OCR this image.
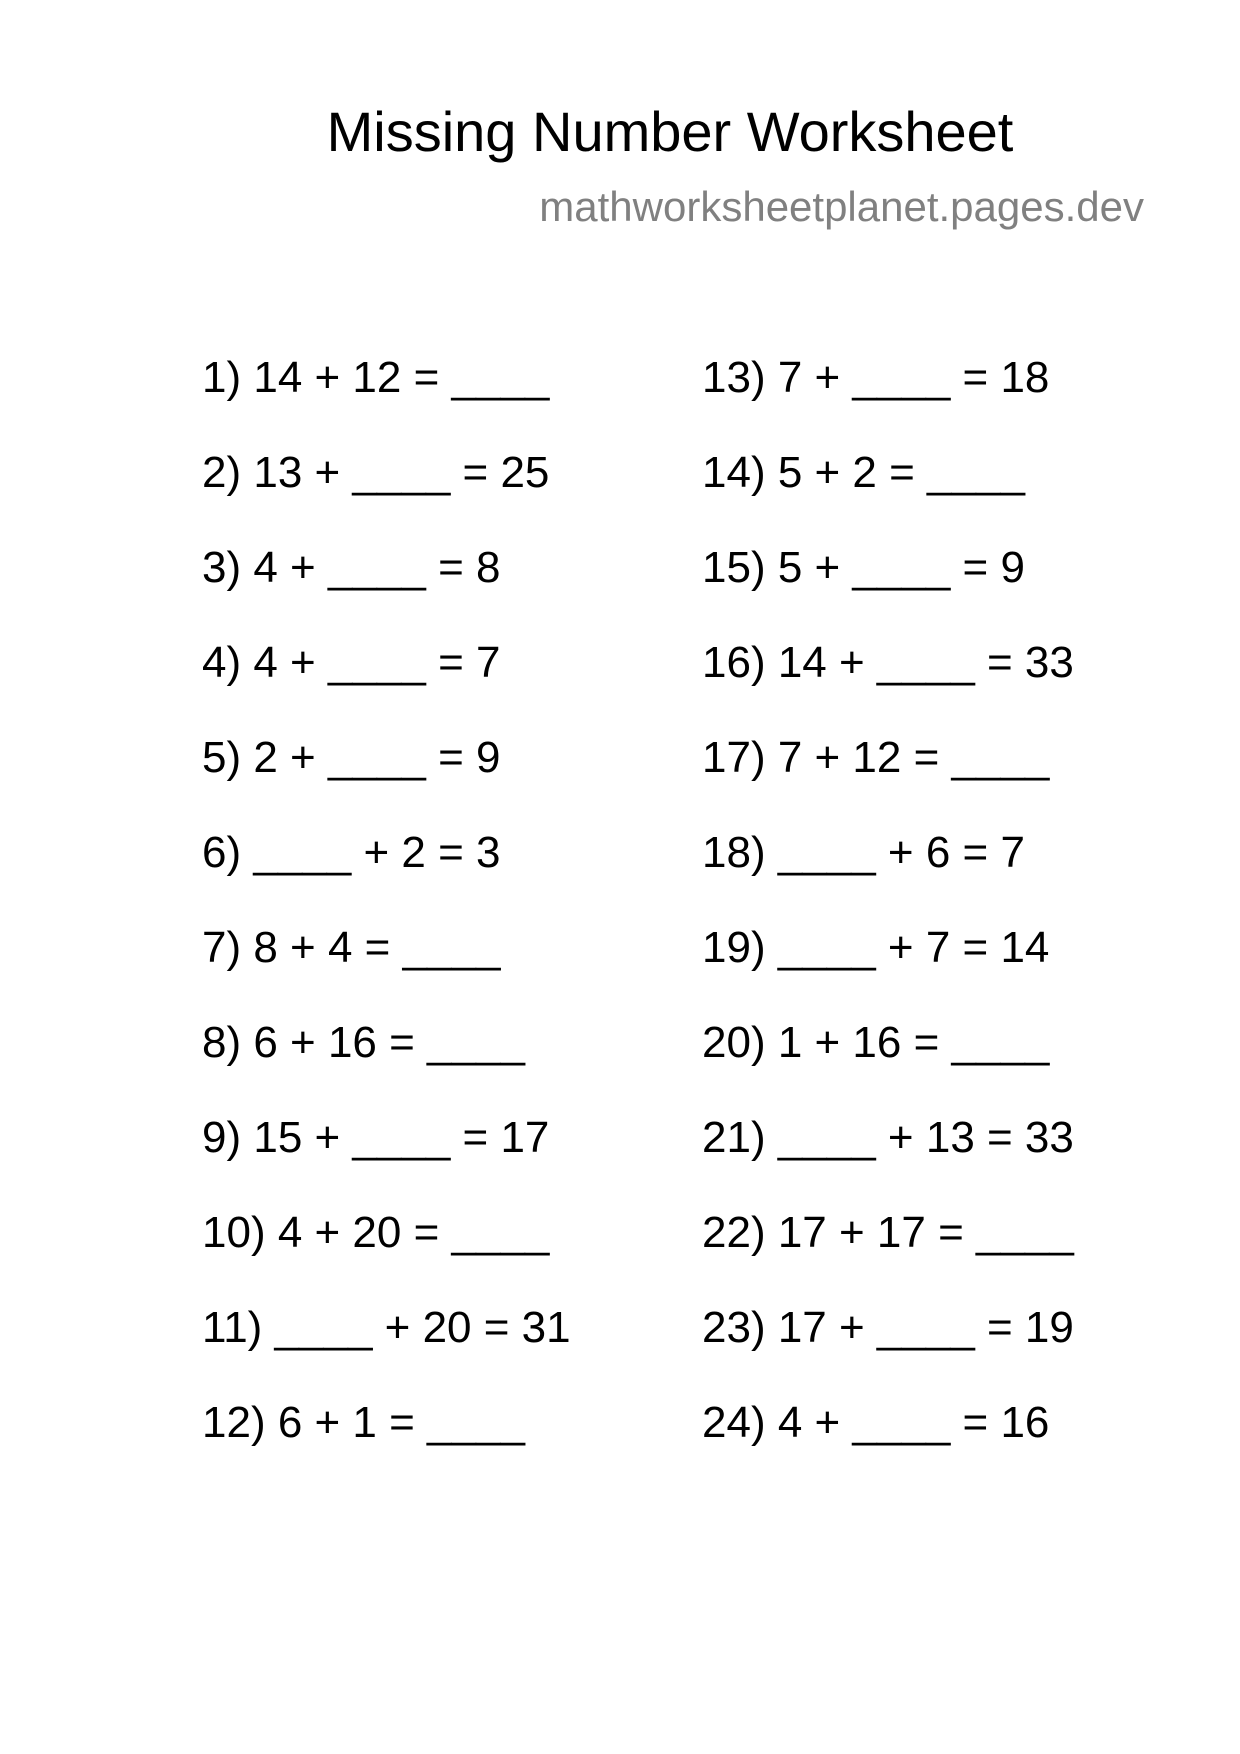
Missing Number Worksheet
mathworksheetplanet.pages.dev
1) 14 + 12 = ____
2) 13 + ____ = 25
3) 4 + ____ = 8
4) 4 + ____ = 7
5) 2 + ____ = 9
6) ____ + 2 = 3
7) 8 + 4 = ____
8) 6 + 16 = ____
9) 15 + ____ = 17
10) 4 + 20 = ____
11) ____ + 20 = 31
12) 6 + 1 = ____
13) 7 + ____ = 18
14) 5 + 2 = ____
15) 5 + ____ = 9
16) 14 + ____ = 33
17) 7 + 12 = ____
18) ____ + 6 = 7
19) ____ + 7 = 14
20) 1 + 16 = ____
21) ____ + 13 = 33
22) 17 + 17 = ____
23) 17 + ____ = 19
24) 4 + ____ = 16
